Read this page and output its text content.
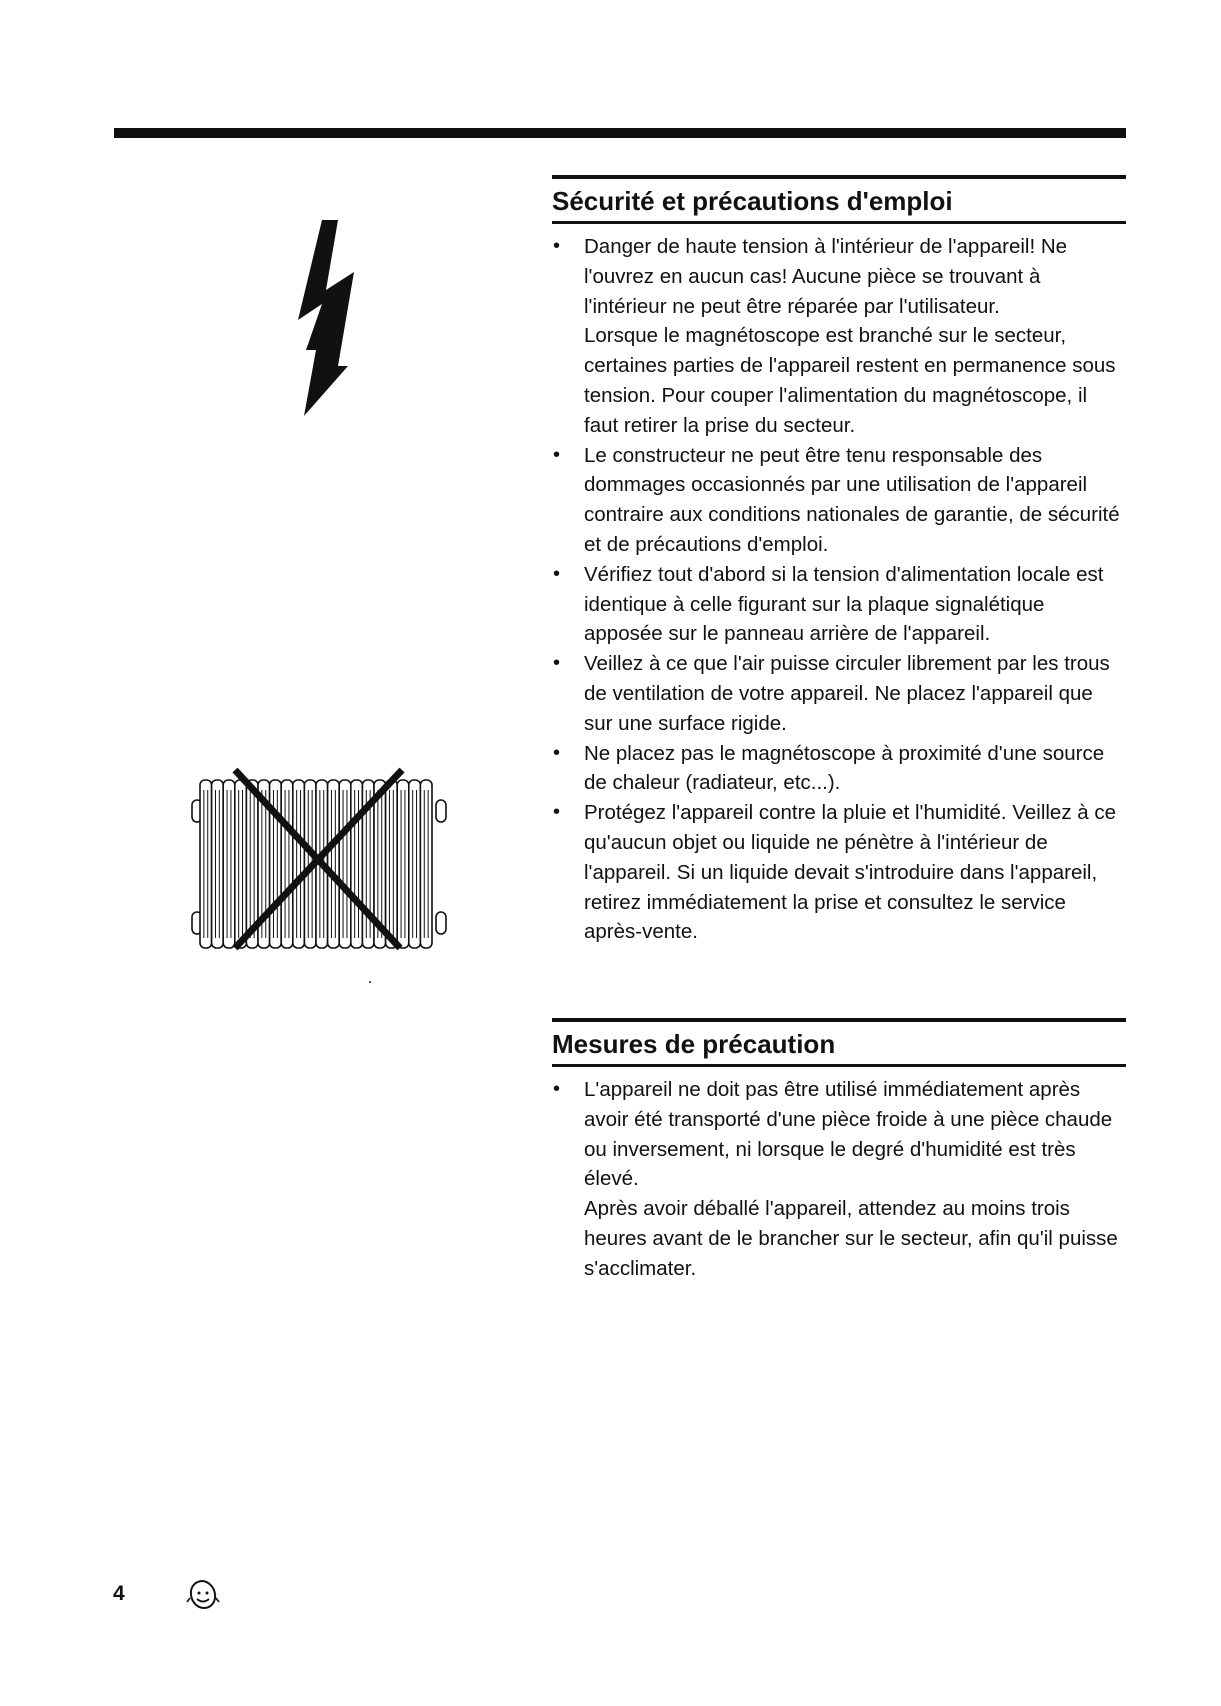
Sécurité et précautions d'emploi
• Danger de haute tension à l'intérieur de l'appareil! Ne l'ouvrez en aucun cas! Aucune pièce se trouvant à l'intérieur ne peut être réparée par l'utilisateur.
Lorsque le magnétoscope est branché sur le secteur, certaines parties de l'appareil restent en permanence sous tension. Pour couper l'alimentation du magnétoscope, il faut retirer la prise du secteur.
• Le constructeur ne peut être tenu responsable des dommages occasionnés par une utilisation de l'appareil contraire aux conditions nationales de garantie, de sécurité et de précautions d'emploi.
• Vérifiez tout d'abord si la tension d'alimentation locale est identique à celle figurant sur la plaque signalétique apposée sur le panneau arrière de l'appareil.
• Veillez à ce que l'air puisse circuler librement par les trous de ventilation de votre appareil. Ne placez l'appareil que sur une surface rigide.
• Ne placez pas le magnétoscope à proximité d'une source de chaleur (radiateur, etc...).
• Protégez l'appareil contre la pluie et l'humidité. Veillez à ce qu'aucun objet ou liquide ne pénètre à l'intérieur de l'appareil. Si un liquide devait s'introduire dans l'appareil, retirez immédiatement la prise et consultez le service après-vente.
Mesures de précaution
• L'appareil ne doit pas être utilisé immédiatement après avoir été transporté d'une pièce froide à une pièce chaude ou inversement, ni lorsque le degré d'humidité est très élevé.
Après avoir déballé l'appareil, attendez au moins trois heures avant de le brancher sur le secteur, afin qu'il puisse s'acclimater.
4
